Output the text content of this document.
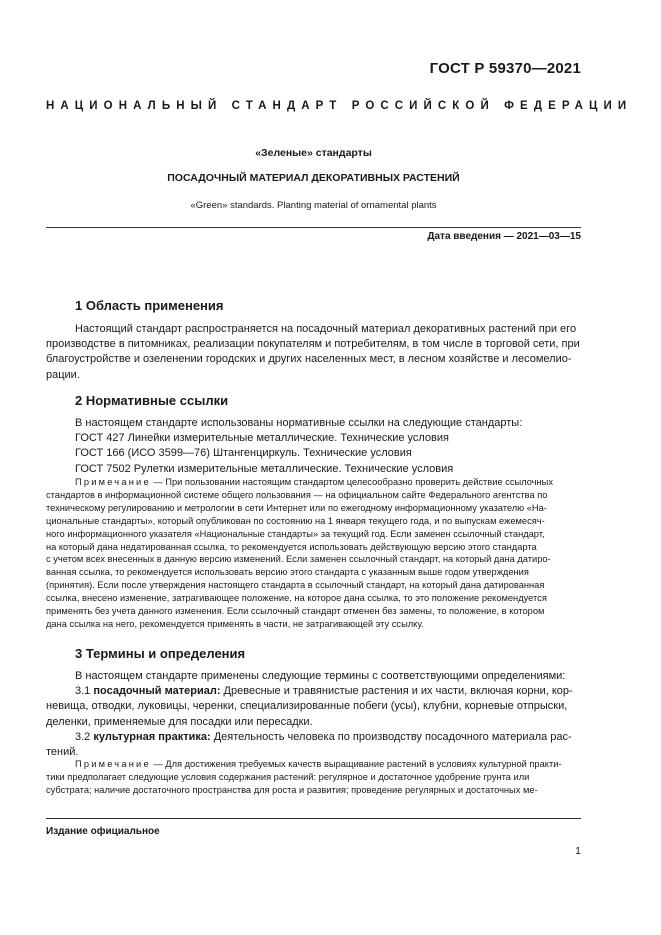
ГОСТ Р 59370—2021
НАЦИОНАЛЬНЫЙ СТАНДАРТ РОССИЙСКОЙ ФЕДЕРАЦИИ
«Зеленые» стандарты
ПОСАДОЧНЫЙ МАТЕРИАЛ ДЕКОРАТИВНЫХ РАСТЕНИЙ
«Green» standards. Planting material of ornamental plants
Дата введения — 2021—03—15
1 Область применения
Настоящий стандарт распространяется на посадочный материал декоративных растений при его
производстве в питомниках, реализации покупателям и потребителям, в том числе в торговой сети, при
благоустройстве и озеленении городских и других населенных мест, в лесном хозяйстве и лесомелио-
рации.
2 Нормативные ссылки
В настоящем стандарте использованы нормативные ссылки на следующие стандарты:
ГОСТ 427 Линейки измерительные металлические. Технические условия
ГОСТ 166 (ИСО 3599—76) Штангенциркуль. Технические условия
ГОСТ 7502 Рулетки измерительные металлические. Технические условия
Примечание — При пользовании настоящим стандартом целесообразно проверить действие ссылочных
стандартов в информационной системе общего пользования — на официальном сайте Федерального агентства по
техническому регулированию и метрологии в сети Интернет или по ежегодному информационному указателю «На-
циональные стандарты», который опубликован по состоянию на 1 января текущего года, и по выпускам ежемесяч-
ного информационного указателя «Национальные стандарты» за текущий год. Если заменен ссылочный стандарт,
на который дана недатированная ссылка, то рекомендуется использовать действующую версию этого стандарта
с учетом всех внесенных в данную версию изменений. Если заменен ссылочный стандарт, на который дана датиро-
ванная ссылка, то рекомендуется использовать версию этого стандарта с указанным выше годом утверждения
(принятия). Если после утверждения настоящего стандарта в ссылочный стандарт, на который дана датированная
ссылка, внесено изменение, затрагивающее положение, на которое дана ссылка, то это положение рекомендуется
применять без учета данного изменения. Если ссылочный стандарт отменен без замены, то положение, в котором
дана ссылка на него, рекомендуется применять в части, не затрагивающей эту ссылку.
3 Термины и определения
В настоящем стандарте применены следующие термины с соответствующими определениями:
3.1 посадочный материал: Древесные и травянистые растения и их части, включая корни, кор-
невища, отводки, луковицы, черенки, специализированные побеги (усы), клубни, корневые отпрыски,
деленки, применяемые для посадки или пересадки.
3.2 культурная практика: Деятельность человека по производству посадочного материала рас-
тений.
Примечание — Для достижения требуемых качеств выращивание растений в условиях культурной практи-
тики предполагает следующие условия содержания растений: регулярное и достаточное удобрение грунта или
субстрата; наличие достаточного пространства для роста и развития; проведение регулярных и достаточных ме-
Издание официальное
1
